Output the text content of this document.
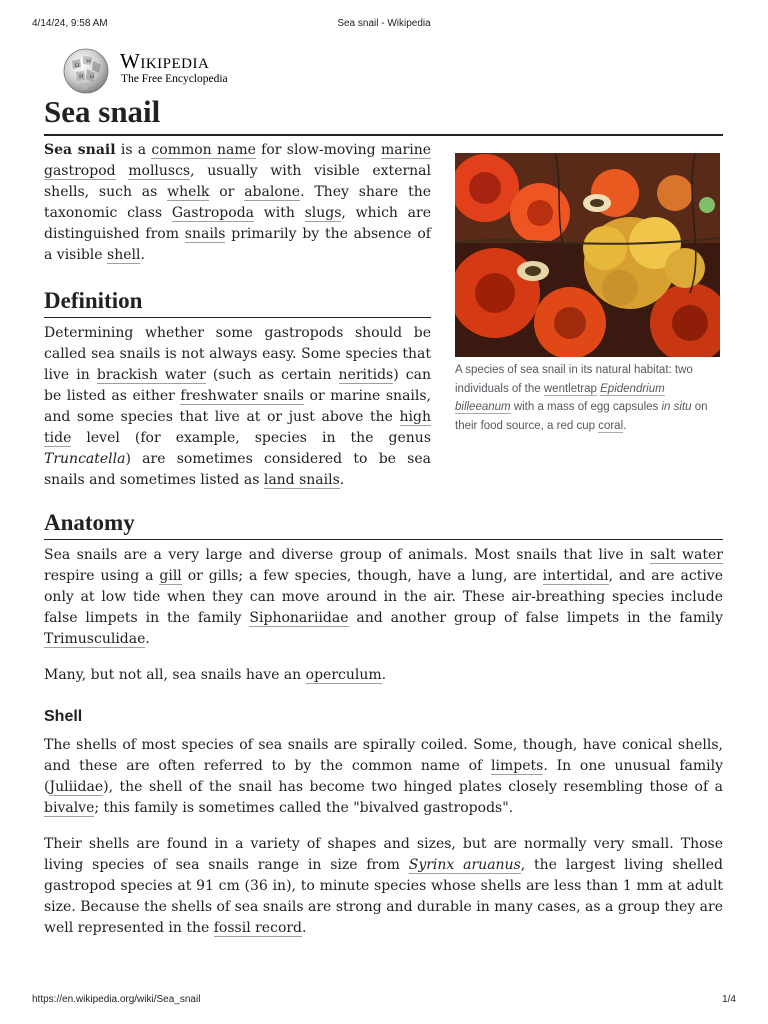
4/14/24, 9:58 AM	Sea snail - Wikipedia
Ω
W
И ω
Wikipedia
The Free Encyclopedia
Sea snail
A species of sea snail in its natural habitat: two individuals of the wentletrap Epidendrium billeeanum with a mass of egg capsules in situ on their food source, a red cup coral.

Sea snail is a common name for slow-moving marine gastropod molluscs, usually with visible external shells, such as whelk or abalone. They share the taxonomic class Gastropoda with slugs, which are distinguished from snails primarily by the absence of a visible shell.

Definition

Determining whether some gastropods should be called sea snails is not always easy. Some species that live in brackish water (such as certain neritids) can be listed as either freshwater snails or marine snails, and some species that live at or just above the high tide level (for example, species in the genus Truncatella) are sometimes considered to be sea snails and sometimes listed as land snails.

Anatomy

Sea snails are a very large and diverse group of animals. Most snails that live in salt water respire using a gill or gills; a few species, though, have a lung, are intertidal, and are active only at low tide when they can move around in the air. These air-breathing species include false limpets in the family Siphonariidae and another group of false limpets in the family Trimusculidae.

Many, but not all, sea snails have an operculum.

Shell

The shells of most species of sea snails are spirally coiled. Some, though, have conical shells, and these are often referred to by the common name of limpets. In one unusual family (Juliidae), the shell of the snail has become two hinged plates closely resembling those of a bivalve; this family is sometimes called the "bivalved gastropods".

Their shells are found in a variety of shapes and sizes, but are normally very small. Those living species of sea snails range in size from Syrinx aruanus, the largest living shelled gastropod species at 91 cm (36 in), to minute species whose shells are less than 1 mm at adult size. Because the shells of sea snails are strong and durable in many cases, as a group they are well represented in the fossil record.

https://en.wikipedia.org/wiki/Sea_snail	1/4
